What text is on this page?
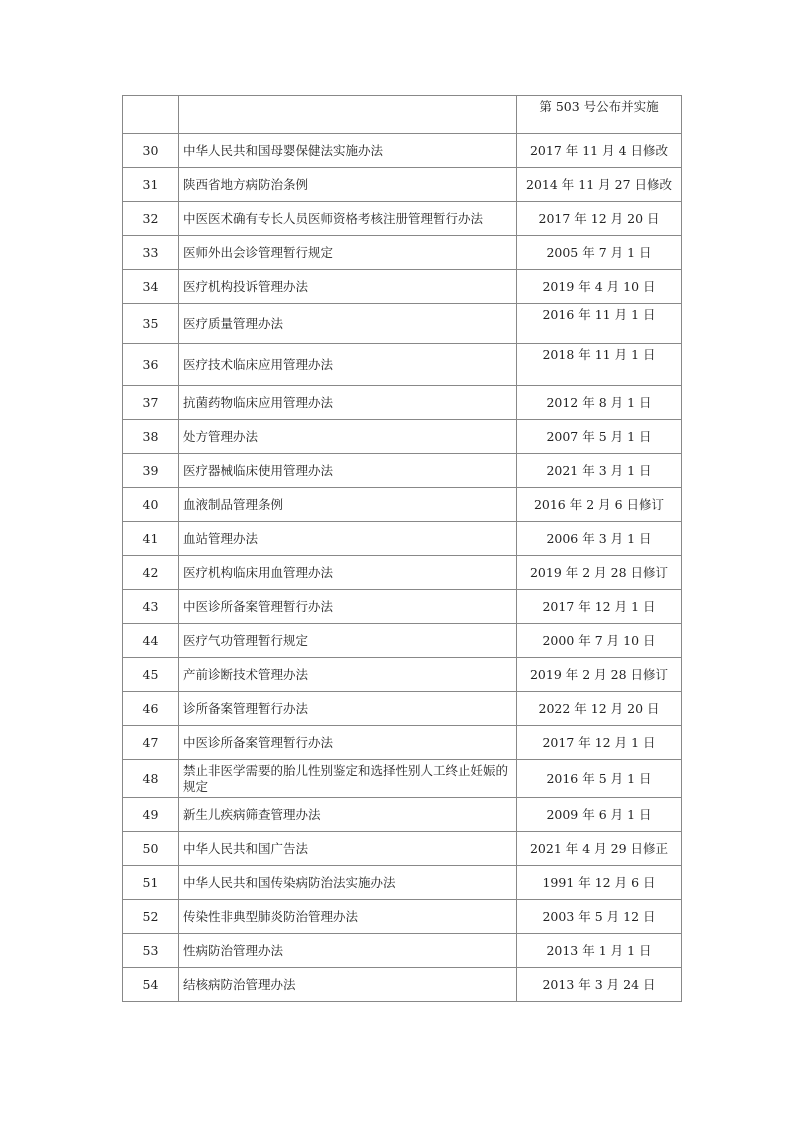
		第 503 号公布并实施
30	中华人民共和国母婴保健法实施办法	2017 年 11 月 4 日修改
31	陕西省地方病防治条例	2014 年 11 月 27 日修改
32	中医医术确有专长人员医师资格考核注册管理暂行办法	2017 年 12 月 20 日
33	医师外出会诊管理暂行规定	2005 年 7 月 1 日
34	医疗机构投诉管理办法	2019 年 4 月 10 日
35	医疗质量管理办法	2016 年 11 月 1 日
36	医疗技术临床应用管理办法	2018 年 11 月 1 日
37	抗菌药物临床应用管理办法	2012 年 8 月 1 日
38	处方管理办法	2007 年 5 月 1 日
39	医疗器械临床使用管理办法	2021 年 3 月 1 日
40	血液制品管理条例	2016 年 2 月 6 日修订
41	血站管理办法	2006 年 3 月 1 日
42	医疗机构临床用血管理办法	2019 年 2 月 28 日修订
43	中医诊所备案管理暂行办法	2017 年 12 月 1 日
44	医疗气功管理暂行规定	2000 年 7 月 10 日
45	产前诊断技术管理办法	2019 年 2 月 28 日修订
46	诊所备案管理暂行办法	2022 年 12 月 20 日
47	中医诊所备案管理暂行办法	2017 年 12 月 1 日
48	禁止非医学需要的胎儿性别鉴定和选择性别人工终止妊娠的规定	2016 年 5 月 1 日
49	新生儿疾病筛查管理办法	2009 年 6 月 1 日
50	中华人民共和国广告法	2021 年 4 月 29 日修正
51	中华人民共和国传染病防治法实施办法	1991 年 12 月 6 日
52	传染性非典型肺炎防治管理办法	2003 年 5 月 12 日
53	性病防治管理办法	2013 年 1 月 1 日
54	结核病防治管理办法	2013 年 3 月 24 日
